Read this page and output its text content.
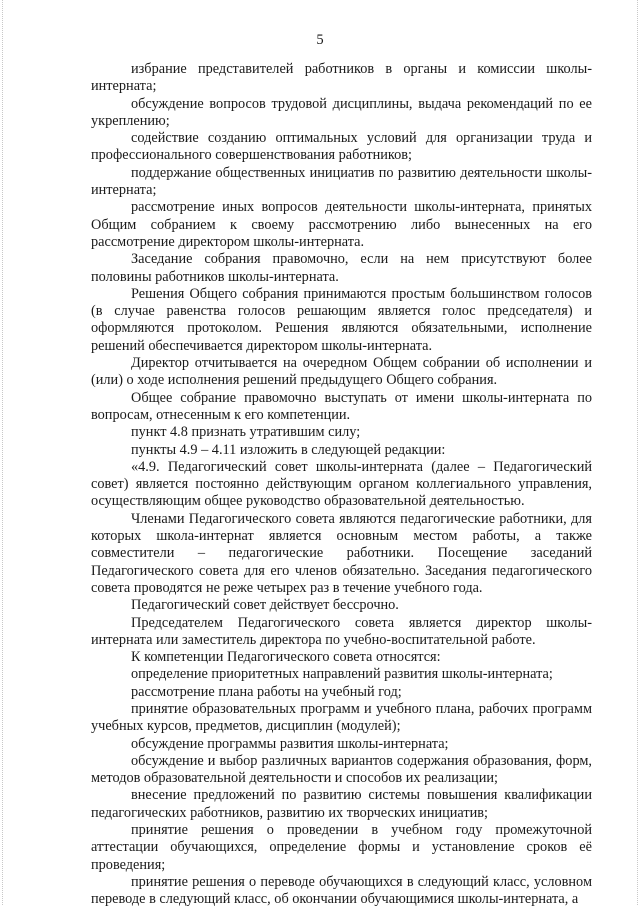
5

избрание представителей работников в органы и комиссии школы-интерната;

обсуждение вопросов трудовой дисциплины, выдача рекомендаций по ее укреплению;

содействие созданию оптимальных условий для организации труда и профессионального совершенствования работников;

поддержание общественных инициатив по развитию деятельности школы-интерната;

рассмотрение иных вопросов деятельности школы-интерната, принятых Общим собранием к своему рассмотрению либо вынесенных на его рассмотрение директором школы-интерната.

Заседание собрания правомочно, если на нем присутствуют более половины работников школы-интерната.

Решения Общего собрания принимаются простым большинством голосов (в случае равенства голосов решающим является голос председателя) и оформляются протоколом. Решения являются обязательными, исполнение решений обеспечивается директором школы-интерната.

Директор отчитывается на очередном Общем собрании об исполнении и (или) о ходе исполнения решений предыдущего Общего собрания.

Общее собрание правомочно выступать от имени школы-интерната по вопросам, отнесенным к его компетенции.

пункт 4.8 признать утратившим силу;

пункты 4.9 – 4.11 изложить в следующей редакции:

«4.9. Педагогический совет школы-интерната (далее – Педагогический совет) является постоянно действующим органом коллегиального управления, осуществляющим общее руководство образовательной деятельностью.

Членами Педагогического совета являются педагогические работники, для которых школа-интернат является основным местом работы, а также совместители – педагогические работники. Посещение заседаний Педагогического совета для его членов обязательно. Заседания педагогического совета проводятся не реже четырех раз в течение учебного года.

Педагогический совет действует бессрочно.

Председателем Педагогического совета является директор школы-интерната или заместитель директора по учебно-воспитательной работе.

К компетенции Педагогического совета относятся:

определение приоритетных направлений развития школы-интерната;

рассмотрение плана работы на учебный год;

принятие образовательных программ и учебного плана, рабочих программ учебных курсов, предметов, дисциплин (модулей);

обсуждение программы развития школы-интерната;

обсуждение и выбор различных вариантов содержания образования, форм, методов образовательной деятельности и способов их реализации;

внесение предложений по развитию системы повышения квалификации педагогических работников, развитию их творческих инициатив;

принятие решения о проведении в учебном году промежуточной аттестации обучающихся, определение формы и установление сроков её проведения;

принятие решения о переводе обучающихся в следующий класс, условном переводе в следующий класс, об окончании обучающимися школы-интерната, а
